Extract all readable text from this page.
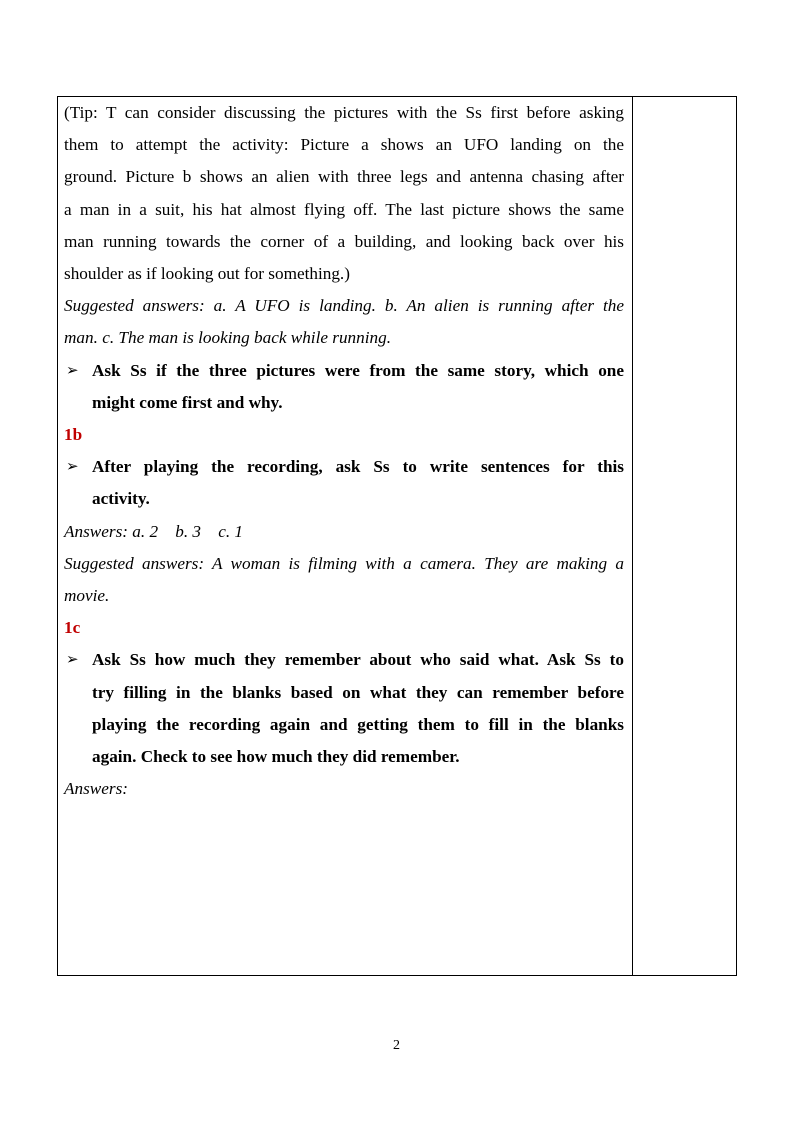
(Tip: T can consider discussing the pictures with the Ss first before asking
them to attempt the activity: Picture a shows an UFO landing on the
ground. Picture b shows an alien with three legs and antenna chasing after
a man in a suit, his hat almost flying off. The last picture shows the same
man running towards the corner of a building, and looking back over his
shoulder as if looking out for something.)
Suggested answers: a. A UFO is landing. b. An alien is running after the
man. c. The man is looking back while running.
➢ Ask Ss if the three pictures were from the same story, which one
might come first and why.
1b
➢ After playing the recording, ask Ss to write sentences for this
activity.
Answers: a. 2    b. 3    c. 1
Suggested answers: A woman is filming with a camera. They are making a
movie.
1c
➢ Ask Ss how much they remember about who said what. Ask Ss to
try filling in the blanks based on what they can remember before
playing the recording again and getting them to fill in the blanks
again. Check to see how much they did remember.
Answers:
2
